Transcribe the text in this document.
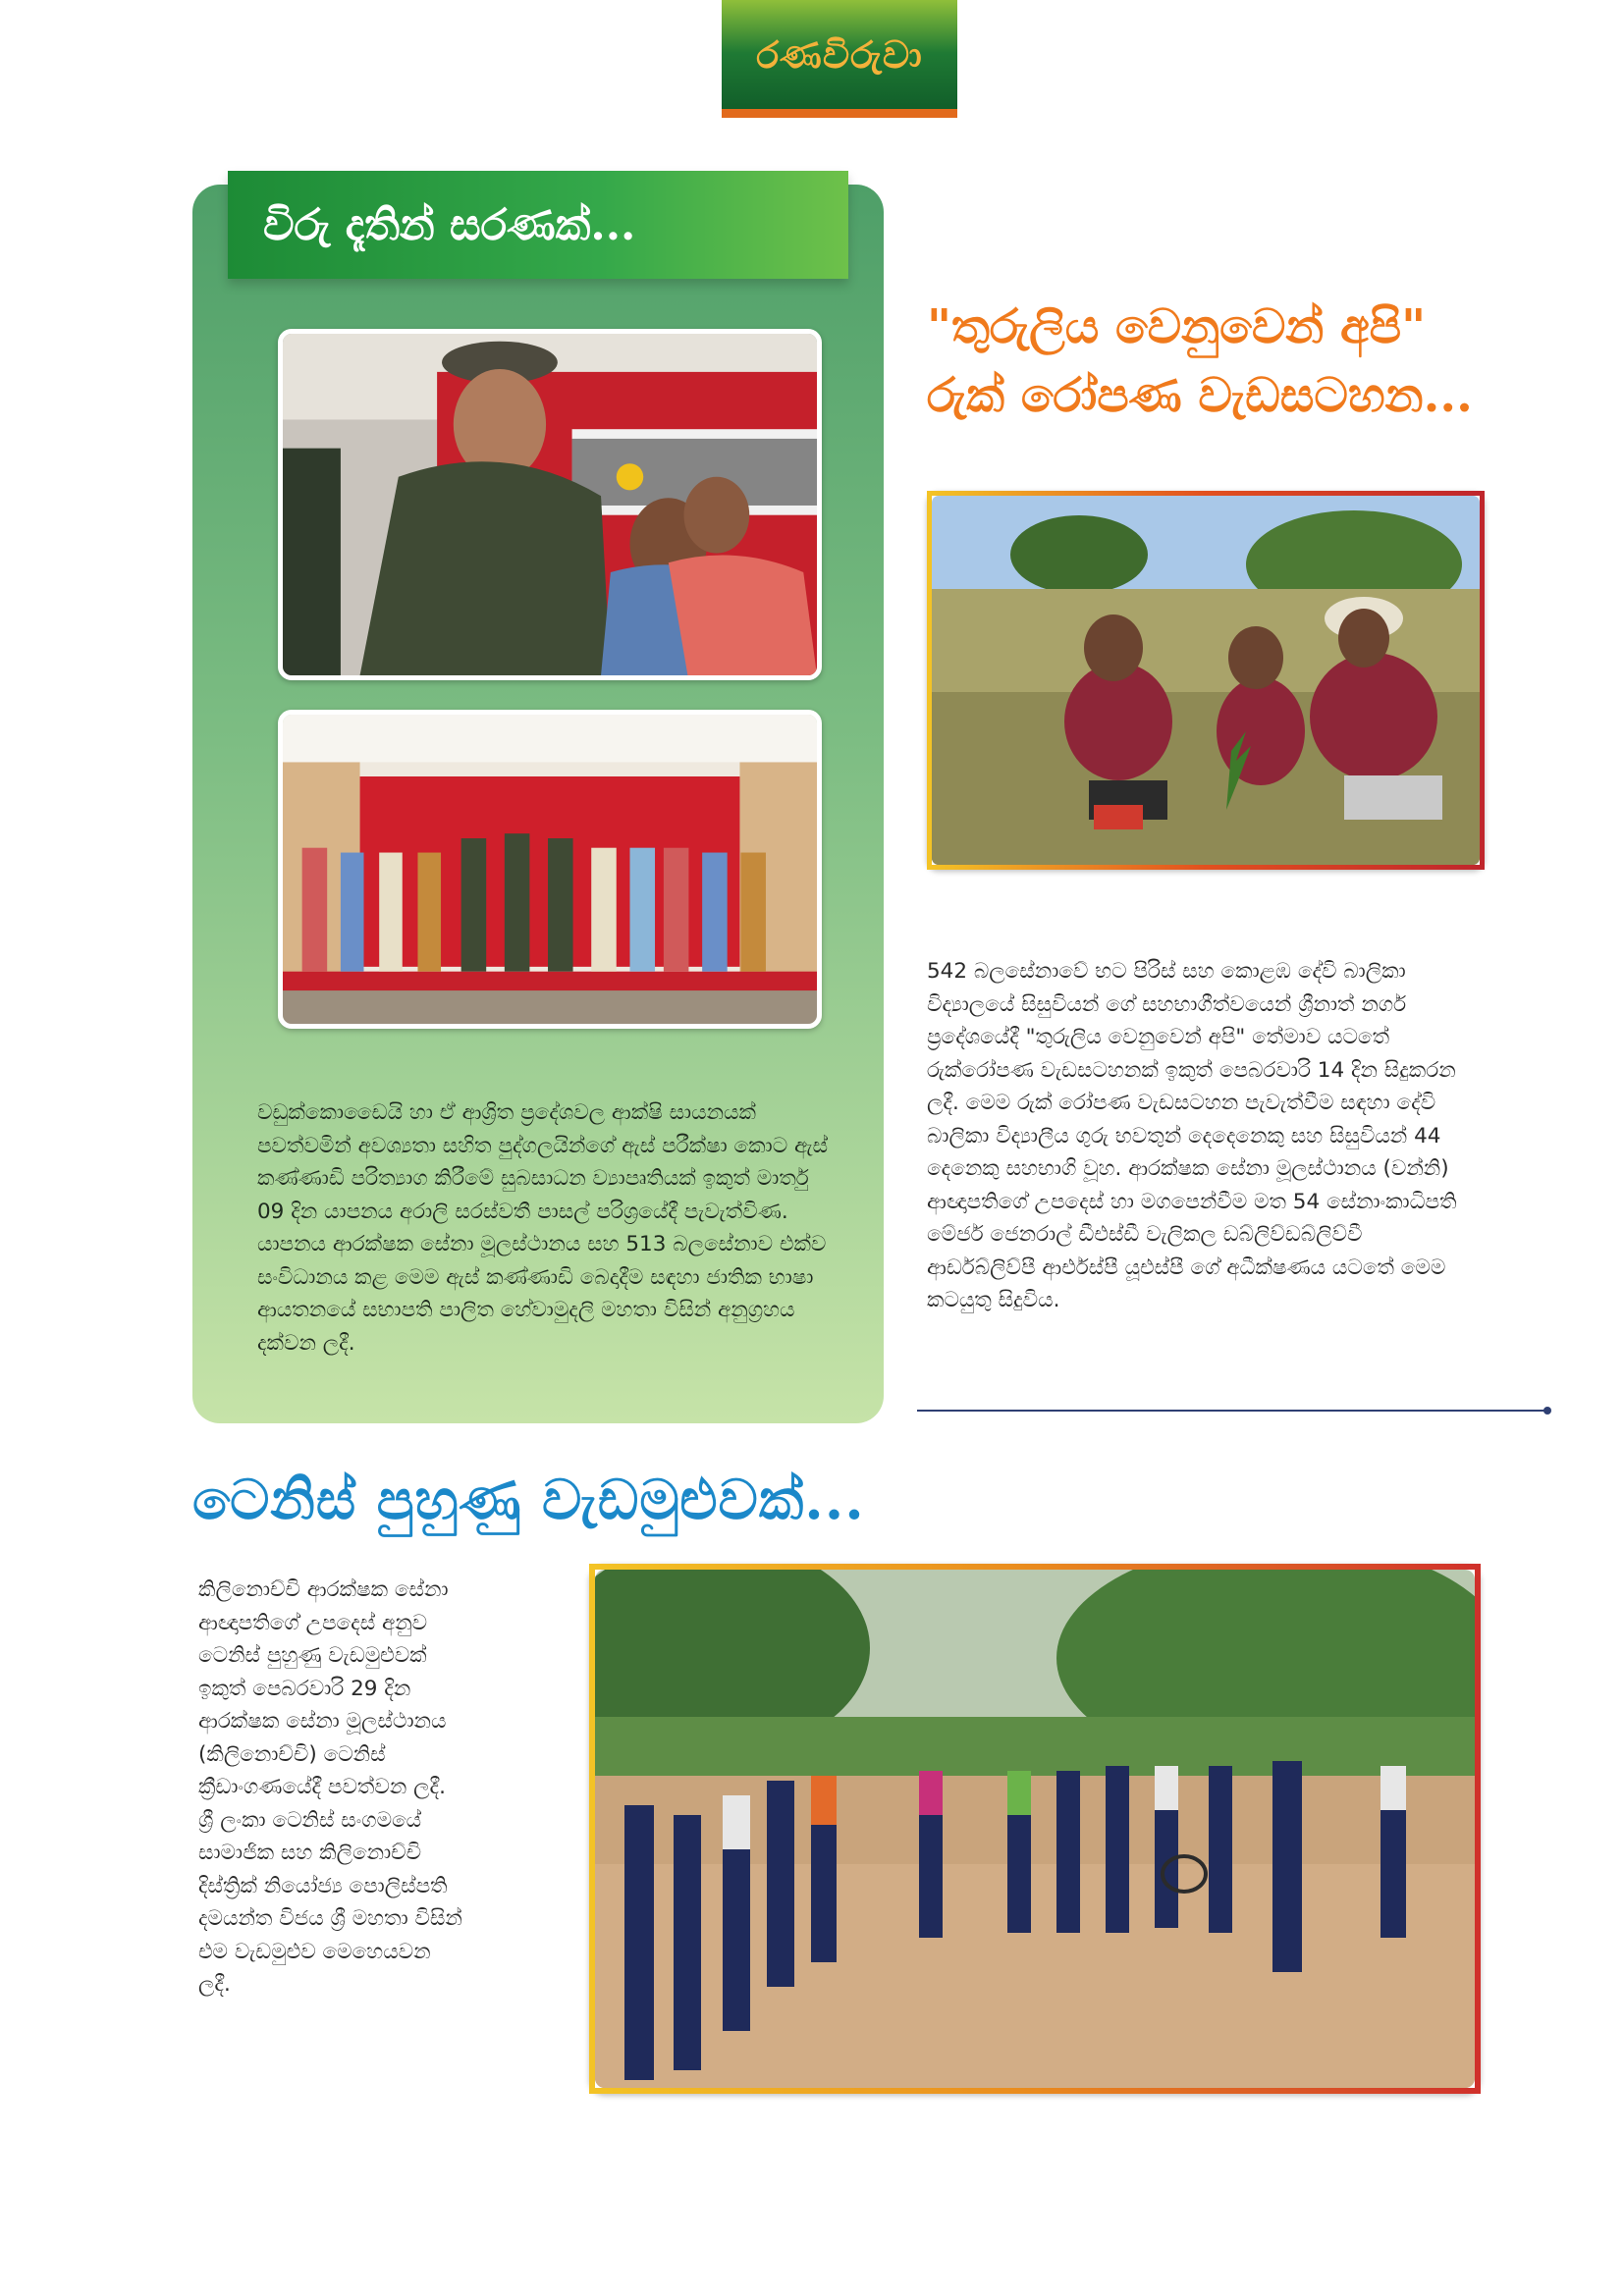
රණවිරුවා
විරු දෑතින් සරණක්...
වඩුක්කොඩෛයි හා ඒ ආශ්‍රිත ප්‍රදේශවල ආක්ෂි සායනයක් පවත්වමින් අවශ්‍යතා සහිත පුද්ගලයින්ගේ ඇස් පරීක්ෂා කොට ඇස් කණ්ණාඩි පරිත්‍යාග කිරීමේ සුබසාධන ව්‍යාපෘතියක් ඉකුත් මාර්තු 09 දින යාපනය අරාලි සරස්වතී පාසල් පරිශ්‍රයේදී පැවැත්විණ. යාපනය ආරක්ෂක සේනා මූලස්ථානය සහ 513 බලසේනාව එක්ව සංවිධානය කළ මෙම ඇස් කණ්ණාඩි බෙදාදීම සඳහා ජාතික භාෂා ආයතනයේ සභාපති පාලිත හේවාමුදලි මහතා විසින් අනුග්‍රහය දක්වන ලදී.
"තුරුලිය වෙනුවෙන් අපි"
රුක් රෝපණ වැඩසටහන...
542 බලසේනාවේ භට පිරිස් සහ කොළඹ දේවි බාලිකා විද්‍යාලයේ සිසුවියන් ගේ සහභාගීත්වයෙන් ශ්‍රීනාත් නගර් ප්‍රදේශයේදී "තුරුලිය වෙනුවෙන් අපි" තේමාව යටතේ රුක්රෝපණ වැඩසටහනක් ඉකුත් පෙබරවාරි 14 දින සිදුකරන ලදී. මෙම රුක් රෝපණ වැඩසටහන පැවැත්වීම සඳහා දේවි බාලිකා විද්‍යාලීය ගුරු භවතුන් දෙදෙනෙකු සහ සිසුවියන් 44 දෙනෙකු සහභාගි වූහ. ආරක්ෂක සේනා මූලස්ථානය (වන්නි) ආඥාපතිගේ උපදෙස් හා මගපෙන්වීම මත 54 සේනාංකාධිපති මේජර් ජෙනරාල් ඩීඑස්ඩී වැලිකල ඩබ්ලිව්ඩබ්ලිව්වී ආර්ඩබ්ලිව්පී ආර්එස්පී යූඑස්පී ගේ අධීක්ෂණය යටතේ මෙම කටයුතු සිදුවිය.
ටෙනිස් පුහුණු වැඩමුළුවක්...
කිලිනොච්චි ආරක්ෂක සේනා ආඥාපතිගේ උපදෙස් අනුව ටෙනිස් පුහුණු වැඩමුළුවක් ඉකුත් පෙබරවාරි 29 දින ආරක්ෂක සේනා මූලස්ථානය (කිලිනොච්චි) ටෙනිස් ක්‍රීඩාංගණයේදී පවත්වන ලදී. ශ්‍රී ලංකා ටෙනිස් සංගමයේ සාමාජික සහ කිලිනොච්චි දිස්ත්‍රික් නියෝජ්‍ය පොලිස්පති දමයන්ත විජය ශ්‍රී මහතා විසින් එම වැඩමුළුව මෙහෙයවන ලදී.
